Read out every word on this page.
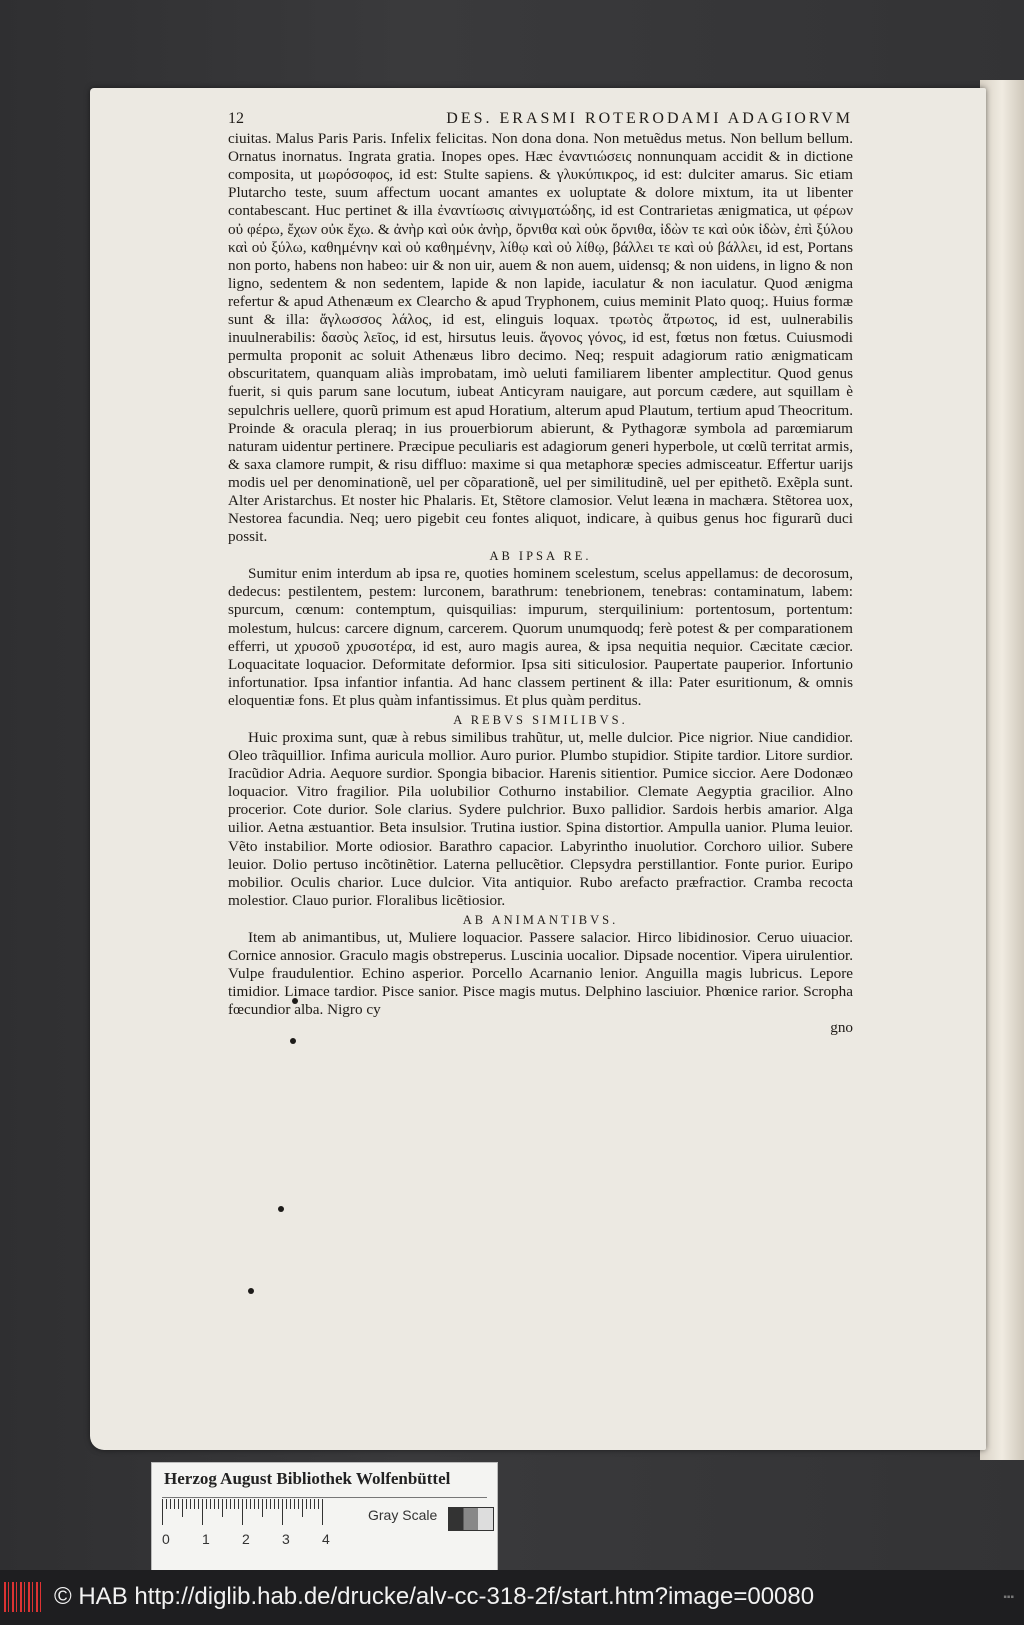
12	DES. ERASMI ROTERODAMI ADAGIORVM

ciuitas. Malus Paris Paris. Infelix felicitas. Non dona dona. Non metuẽdus metus. Non bellum bellum. Ornatus inornatus. Ingrata gratia. Inopes opes. Hæc ἐναντιώσεις nonnunquam accidit & in dictione composita, ut μωρόσοφος, id est: Stulte sapiens. & γλυκύπικρος, id est: dulciter amarus. Sic etiam Plutarcho teste, suum affectum uocant amantes ex uoluptate & dolore mixtum, ita ut libenter contabescant. Huc pertinet & illa ἐναντίωσις αἰνιγματώδης, id est Contrarietas ænigmatica, ut φέρων οὐ φέρω, ἔχων οὐκ ἔχω. & ἀνὴρ καὶ οὐκ ἀνὴρ, ὄρνιθα καὶ οὐκ ὄρνιθα, ἰδὼν τε καὶ οὐκ ἰδὼν, ἐπὶ ξύλου καὶ οὐ ξύλω, καθημένην καὶ οὐ καθημένην, λίθῳ καὶ οὐ λίθῳ, βάλλει τε καὶ οὐ βάλλει, id est, Portans non porto, habens non habeo: uir & non uir, auem & non auem, uidensq; & non uidens, in ligno & non ligno, sedentem & non sedentem, lapide & non lapide, iaculatur & non iaculatur. Quod ænigma refertur & apud Athenæum ex Clearcho & apud Tryphonem, cuius meminit Plato quoq;. Huius formæ sunt & illa: ἄγλωσσος λάλος, id est, elinguis loquax. τρωτὸς ἄτρωτος, id est, uulnerabilis inuulnerabilis: δασὺς λεῖος, id est, hirsutus leuis. ἄγονος γόνος, id est, fœtus non fœtus. Cuiusmodi permulta proponit ac soluit Athenæus libro decimo. Neq; respuit adagiorum ratio ænigmaticam obscuritatem, quanquam aliàs improbatam, imò ueluti familiarem libenter amplectitur. Quod genus fuerit, si quis parum sane locutum, iubeat Anticyram nauigare, aut porcum cædere, aut squillam è sepulchris uellere, quorũ primum est apud Horatium, alterum apud Plautum, tertium apud Theocritum. Proinde & oracula pleraq; in ius prouerbiorum abierunt, & Pythagoræ symbola ad parœmiarum naturam uidentur pertinere. Præcipue peculiaris est adagiorum generi hyperbole, ut cœlũ territat armis, & saxa clamore rumpit, & risu diffluo: maxime si qua metaphoræ species admisceatur. Effertur uarijs modis uel per denominationẽ, uel per cõparationẽ, uel per similitudinẽ, uel per epithetõ. Exẽpla sunt. Alter Aristarchus. Et noster hic Phalaris. Et, Stẽtore clamosior. Velut leæna in machæra. Stẽtorea uox, Nestorea facundia. Neq; uero pigebit ceu fontes aliquot, indicare, à quibus genus hoc figurarũ duci possit.

AB IPSA RE.

Sumitur enim interdum ab ipsa re, quoties hominem scelestum, scelus appellamus: de decorosum, dedecus: pestilentem, pestem: lurconem, barathrum: tenebrionem, tenebras: contaminatum, labem: spurcum, cœnum: contemptum, quisquilias: impurum, sterquilinium: portentosum, portentum: molestum, hulcus: carcere dignum, carcerem. Quorum unumquodq; ferè potest & per comparationem efferri, ut χρυσοῦ χρυσοτέρα, id est, auro magis aurea, & ipsa nequitia nequior. Cæcitate cæcior. Loquacitate loquacior. Deformitate deformior. Ipsa siti siticulosior. Paupertate pauperior. Infortunio infortunatior. Ipsa infantior infantia. Ad hanc classem pertinent & illa: Pater esuritionum, & omnis eloquentiæ fons. Et plus quàm infantissimus. Et plus quàm perditus.

A REBVS SIMILIBVS.

Huic proxima sunt, quæ à rebus similibus trahũtur, ut, melle dulcior. Pice nigrior. Niue candidior. Oleo trãquillior. Infima auricula mollior. Auro purior. Plumbo stupidior. Stipite tardior. Litore surdior. Iracũdior Adria. Aequore surdior. Spongia bibacior. Harenis sitientior. Pumice siccior. Aere Dodonæo loquacior. Vitro fragilior. Pila uolubilior Cothurno instabilior. Clemate Aegyptia gracilior. Alno procerior. Cote durior. Sole clarius. Sydere pulchrior. Buxo pallidior. Sardois herbis amarior. Alga uilior. Aetna æstuantior. Beta insulsior. Trutina iustior. Spina distortior. Ampulla uanior. Pluma leuior. Vẽto instabilior. Morte odiosior. Barathro capacior. Labyrintho inuolutior. Corchoro uilior. Subere leuior. Dolio pertuso incõtinẽtior. Laterna pellucẽtior. Clepsydra perstillantior. Fonte purior. Euripo mobilior. Oculis charior. Luce dulcior. Vita antiquior. Rubo arefacto præfractior. Cramba recocta molestior. Clauo purior. Floralibus licẽtiosior.

AB ANIMANTIBVS.

Item ab animantibus, ut, Muliere loquacior. Passere salacior. Hirco libidinosior. Ceruo uiuacior. Cornice annosior. Graculo magis obstreperus. Luscinia uocalior. Dipsade nocentior. Vipera uirulentior. Vulpe fraudulentior. Echino asperior. Porcello Acarnanio lenior. Anguilla magis lubricus. Lepore timidior. Limace tardior. Pisce sanior. Pisce magis mutus. Delphino lasciuior. Phœnice rarior. Scropha fœcundior alba. Nigro cy

gno

Herzog August Bibliothek Wolfenbüttel
0 1 2 3 4
Gray Scale
© HAB http://diglib.hab.de/drucke/alv-cc-318-2f/start.htm?image=00080	▪▪▪
